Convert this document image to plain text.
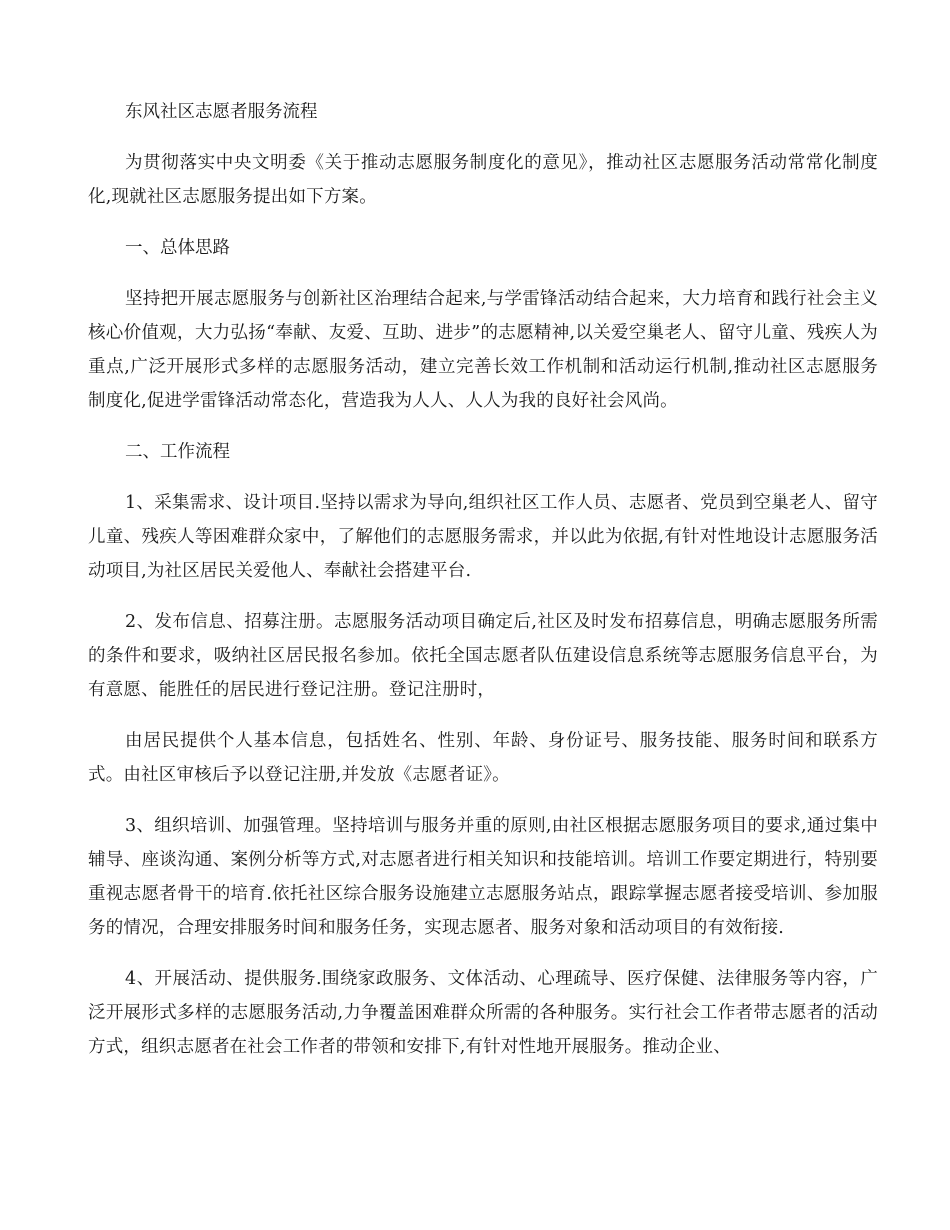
东风社区志愿者服务流程

为贯彻落实中央文明委《关于推动志愿服务制度化的意见》，推动社区志愿服务活动常常化制度化,现就社区志愿服务提出如下方案。

一、总体思路

坚持把开展志愿服务与创新社区治理结合起来,与学雷锋活动结合起来，大力培育和践行社会主义核心价值观，大力弘扬“奉献、友爱、互助、进步”的志愿精神,以关爱空巢老人、留守儿童、残疾人为重点,广泛开展形式多样的志愿服务活动，建立完善长效工作机制和活动运行机制,推动社区志愿服务制度化,促进学雷锋活动常态化，营造我为人人、人人为我的良好社会风尚。

二、工作流程

1、采集需求、设计项目.坚持以需求为导向,组织社区工作人员、志愿者、党员到空巢老人、留守儿童、残疾人等困难群众家中，了解他们的志愿服务需求，并以此为依据,有针对性地设计志愿服务活动项目,为社区居民关爱他人、奉献社会搭建平台.

2、发布信息、招募注册。志愿服务活动项目确定后,社区及时发布招募信息，明确志愿服务所需的条件和要求，吸纳社区居民报名参加。依托全国志愿者队伍建设信息系统等志愿服务信息平台，为有意愿、能胜任的居民进行登记注册。登记注册时，

由居民提供个人基本信息，包括姓名、性别、年龄、身份证号、服务技能、服务时间和联系方式。由社区审核后予以登记注册,并发放《志愿者证》。

3、组织培训、加强管理。坚持培训与服务并重的原则,由社区根据志愿服务项目的要求,通过集中辅导、座谈沟通、案例分析等方式,对志愿者进行相关知识和技能培训。培训工作要定期进行，特别要重视志愿者骨干的培育.依托社区综合服务设施建立志愿服务站点，跟踪掌握志愿者接受培训、参加服务的情况，合理安排服务时间和服务任务，实现志愿者、服务对象和活动项目的有效衔接.

4、开展活动、提供服务.围绕家政服务、文体活动、心理疏导、医疗保健、法律服务等内容，广泛开展形式多样的志愿服务活动,力争覆盖困难群众所需的各种服务。实行社会工作者带志愿者的活动方式，组织志愿者在社会工作者的带领和安排下,有针对性地开展服务。推动企业、
